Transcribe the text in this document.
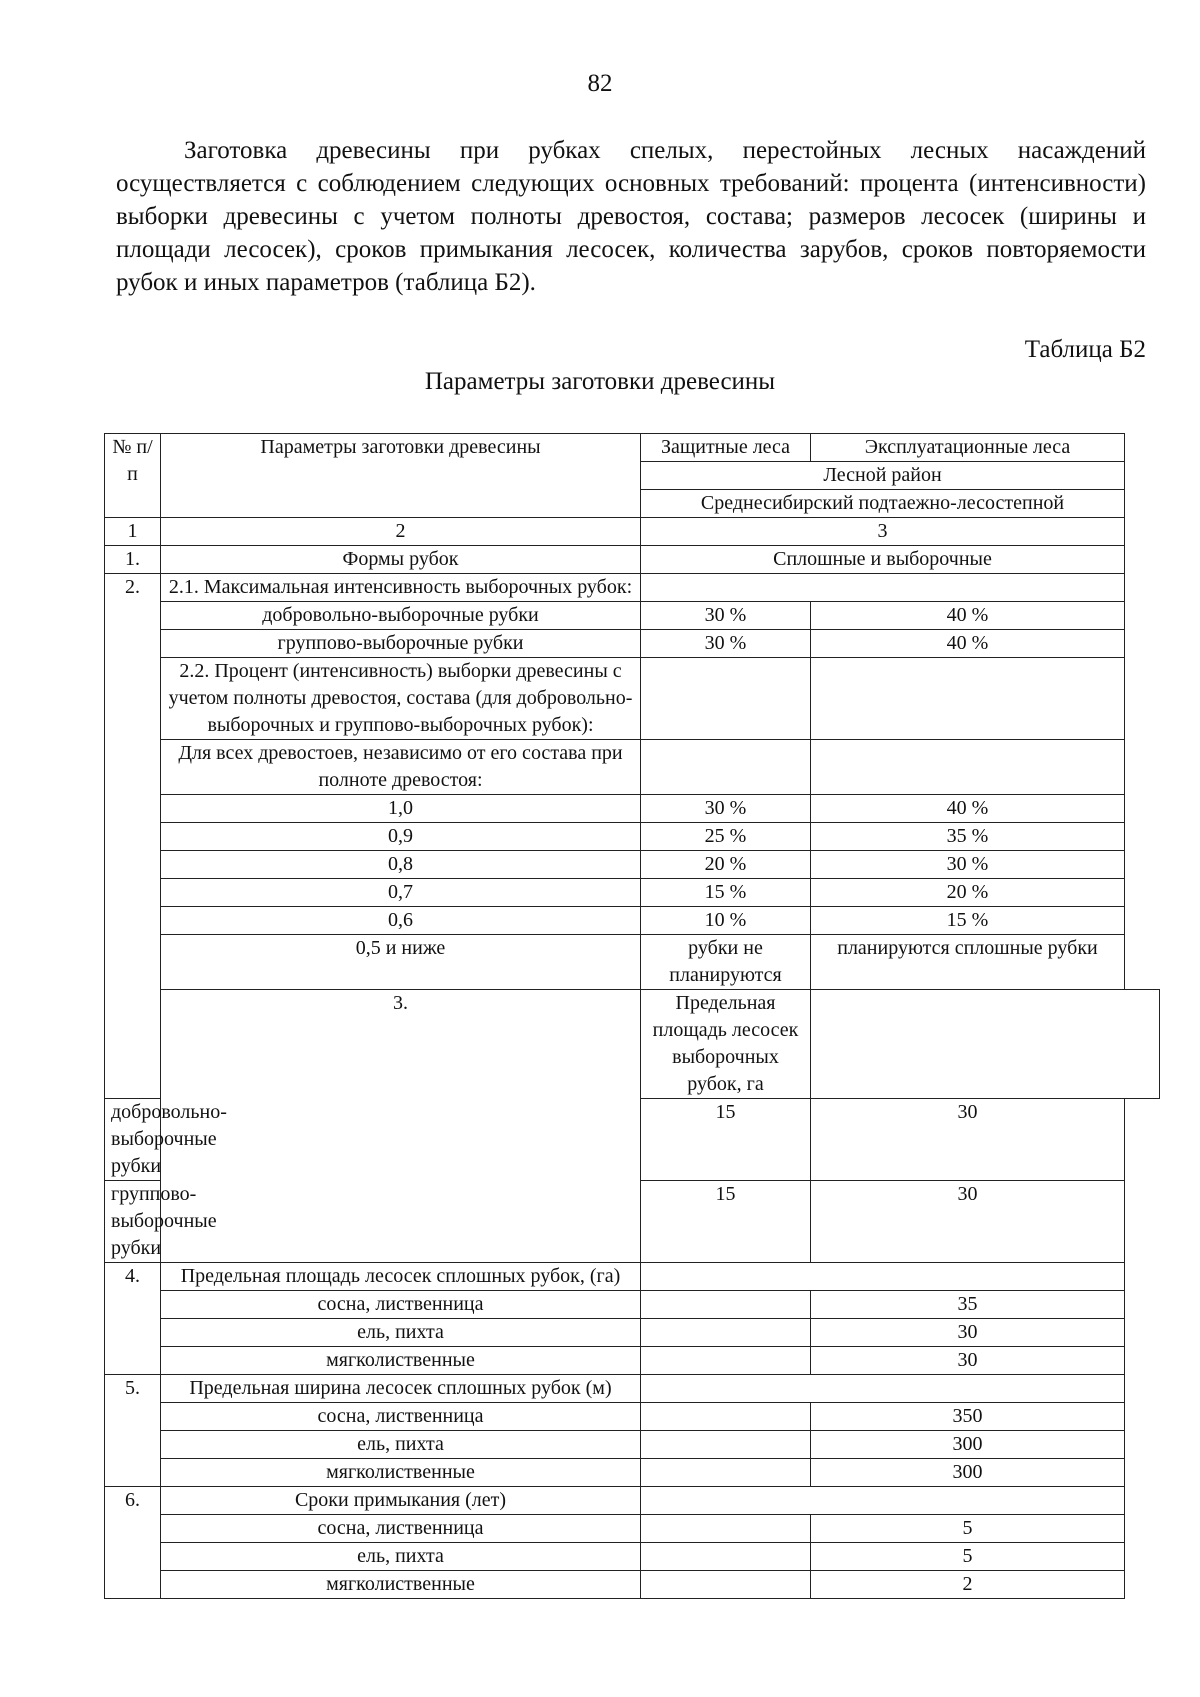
82

Заготовка древесины при рубках спелых, перестойных лесных насаждений осуществляется с соблюдением следующих основных требований: процента (интенсивности) выборки древесины с учетом полноты древостоя, состава; размеров лесосек (ширины и площади лесосек), сроков примыкания лесосек, количества зарубов, сроков повторяемости рубок и иных параметров (таблица Б2).

Таблица Б2
Параметры заготовки древесины
№ п/п	Параметры заготовки древесины	Защитные леса	Эксплуатационные леса
		Лесной район	
		Среднесибирский подтаежно-лесостепной	
1	2	3	
1.	Формы рубок	Сплошные и выборочные	
2.	2.1. Максимальная интенсивность выборочных рубок:		
	добровольно-выборочные рубки	30 %	40 %
	группово-выборочные рубки	30 %	40 %
	2.2. Процент (интенсивность) выборки древесины с учетом полноты древостоя, состава (для добровольно-выборочных и группово-выборочных рубок):		
	Для всех древостоев, независимо от его состава при полноте древостоя:		
	1,0	30 %	40 %
	0,9	25 %	35 %
	0,8	20 %	30 %
	0,7	15 %	20 %
	0,6	10 %	15 %
	0,5 и ниже	рубки не планируются	планируются сплошные рубки
	3.	Предельная площадь лесосек выборочных рубок, га	
добровольно-выборочные рубки		15	30
группово-выборочные рубки		15	30
4.	Предельная площадь лесосек сплошных рубок, (га)		
	сосна, лиственница		35
	ель, пихта		30
	мягколиственные		30
5.	Предельная ширина лесосек сплошных рубок (м)		
	сосна, лиственница		350
	ель, пихта		300
	мягколиственные		300
6.	Сроки примыкания (лет)		
	сосна, лиственница		5
	ель, пихта		5
	мягколиственные		2
